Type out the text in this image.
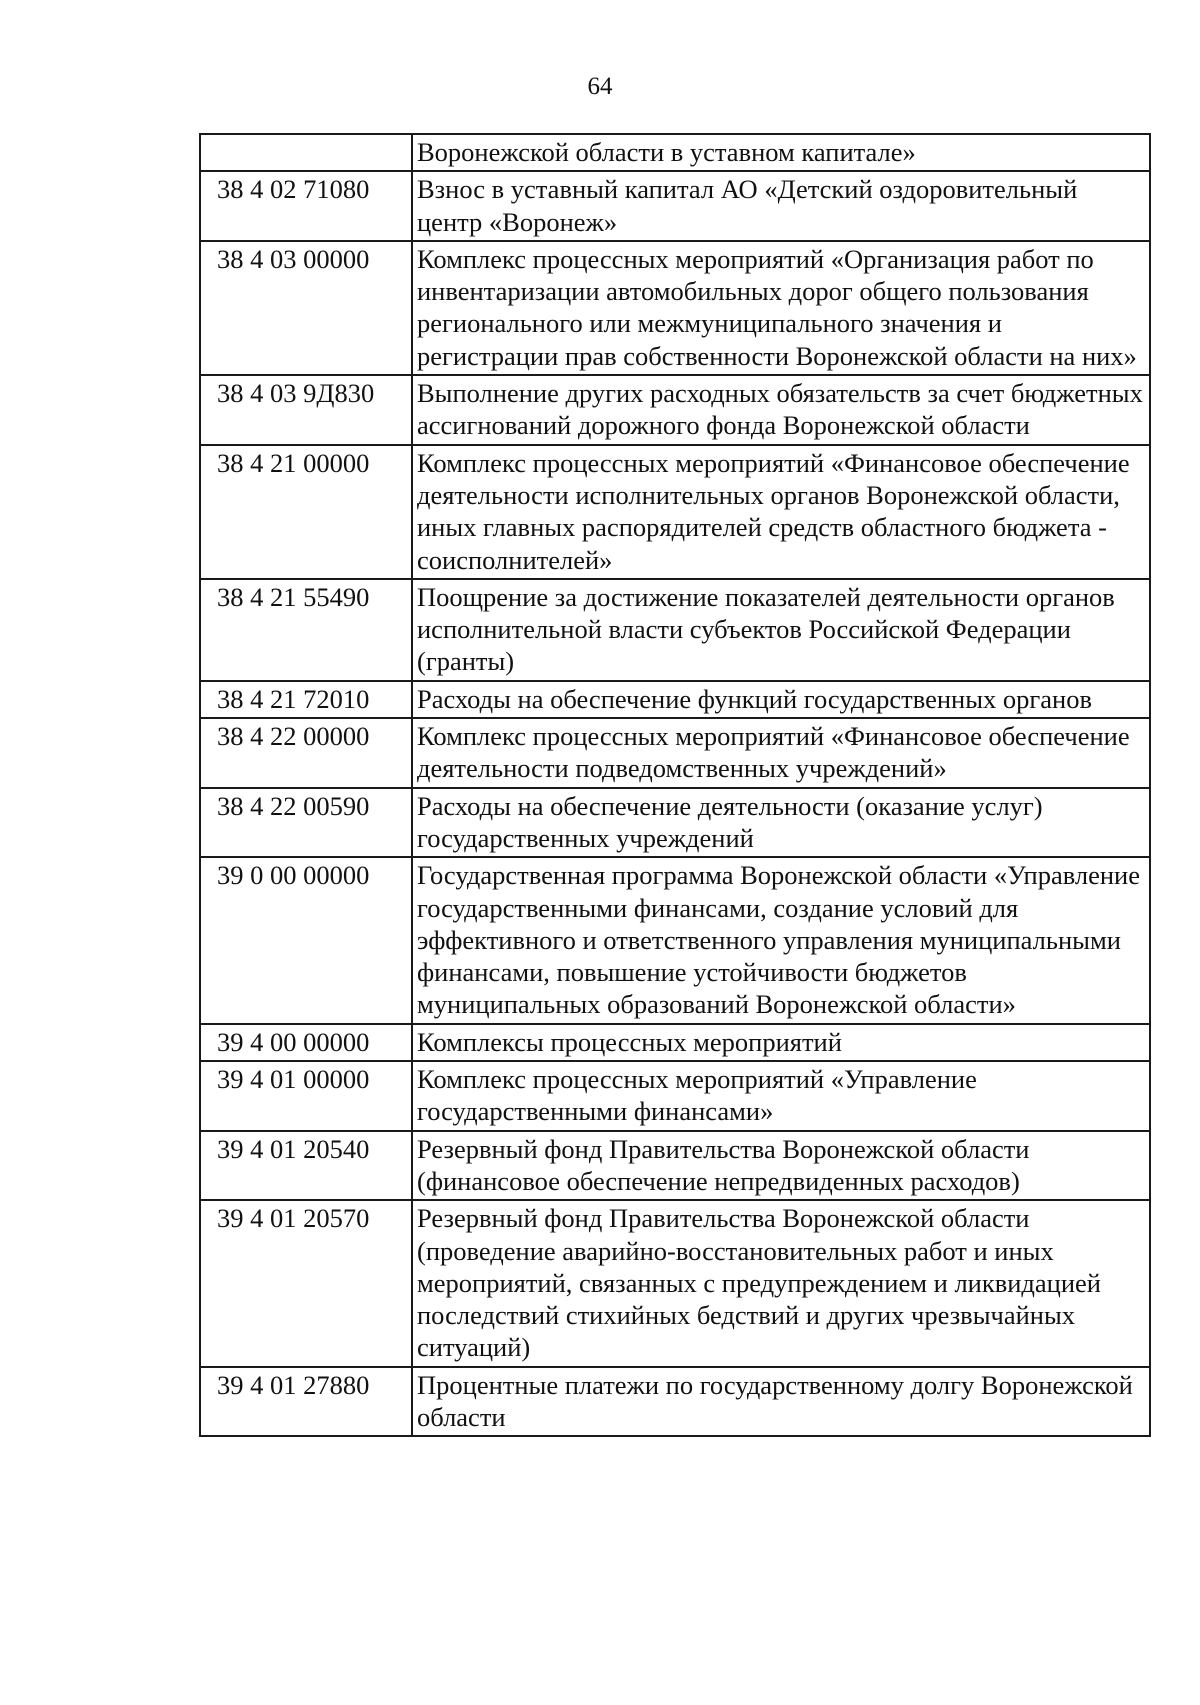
64
	Воронежской области в уставном капитале»
38 4 02 71080	Взнос в уставный капитал АО «Детский оздоровительный центр «Воронеж»
38 4 03 00000	Комплекс процессных мероприятий «Организация работ по инвентаризации автомобильных дорог общего пользования регионального или межмуниципального значения и регистрации прав собственности Воронежской области на них»
38 4 03 9Д830	Выполнение других расходных обязательств за счет бюджетных ассигнований дорожного фонда Воронежской области
38 4 21 00000	Комплекс процессных мероприятий «Финансовое обеспечение деятельности исполнительных органов Воронежской области, иных главных распорядителей средств областного бюджета - соисполнителей»
38 4 21 55490	Поощрение за достижение показателей деятельности органов исполнительной власти субъектов Российской Федерации (гранты)
38 4 21 72010	Расходы на обеспечение функций государственных органов
38 4 22 00000	Комплекс процессных мероприятий «Финансовое обеспечение деятельности подведомственных учреждений»
38 4 22 00590	Расходы на обеспечение деятельности (оказание услуг) государственных учреждений
39 0 00 00000	Государственная программа Воронежской области «Управление государственными финансами, создание условий для эффективного и ответственного управления муниципальными финансами, повышение устойчивости бюджетов муниципальных образований Воронежской области»
39 4 00 00000	Комплексы процессных мероприятий
39 4 01 00000	Комплекс процессных мероприятий «Управление государственными финансами»
39 4 01 20540	Резервный фонд Правительства Воронежской области (финансовое обеспечение непредвиденных расходов)
39 4 01 20570	Резервный фонд Правительства Воронежской области (проведение аварийно-восстановительных работ и иных мероприятий, связанных с предупреждением и ликвидацией последствий стихийных бедствий и других чрезвычайных ситуаций)
39 4 01 27880	Процентные платежи по государственному долгу Воронежской области
